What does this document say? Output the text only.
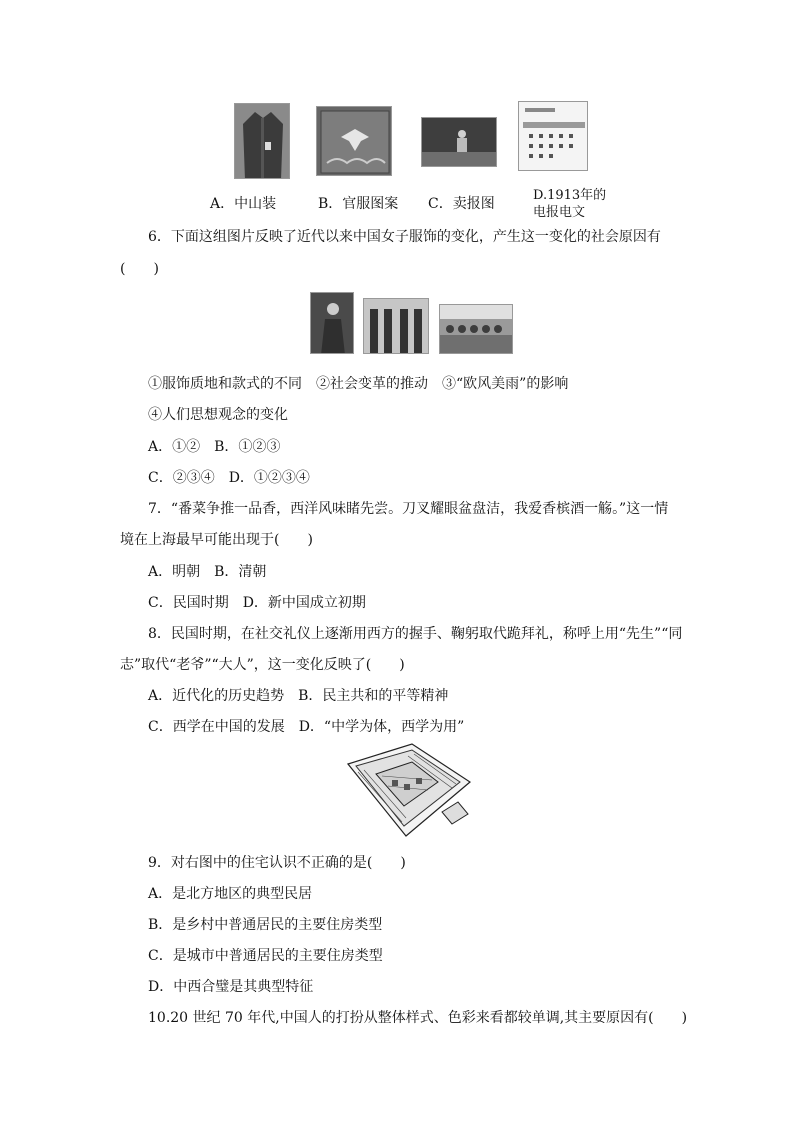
A．中山装	B．官服图案 C．卖报图
D.1913年的
电报电文
6．下面这组图片反映了近代以来中国女子服饰的变化，产生这一变化的社会原因有
(　　)
①服饰质地和款式的不同　②社会变革的推动　③“欧风美雨”的影响
④人们思想观念的变化
A．①②　B．①②③
C．②③④　D．①②③④
7．“番菜争推一品香，西洋风味睹先尝。刀叉耀眼盆盘洁，我爱香槟酒一觞。”这一情
境在上海最早可能出现于(　　)
A．明朝　B．清朝
C．民国时期　D．新中国成立初期
8．民国时期，在社交礼仪上逐渐用西方的握手、鞠躬取代跪拜礼，称呼上用“先生”“同
志”取代“老爷”“大人”，这一变化反映了(　　)
A．近代化的历史趋势　B．民主共和的平等精神
C．西学在中国的发展　D．“中学为体，西学为用”
9．对右图中的住宅认识不正确的是(　　)
A．是北方地区的典型民居
B．是乡村中普通居民的主要住房类型
C．是城市中普通居民的主要住房类型
D．中西合璧是其典型特征
10.20 世纪 70 年代,中国人的打扮从整体样式、色彩来看都较单调,其主要原因有(　　)
